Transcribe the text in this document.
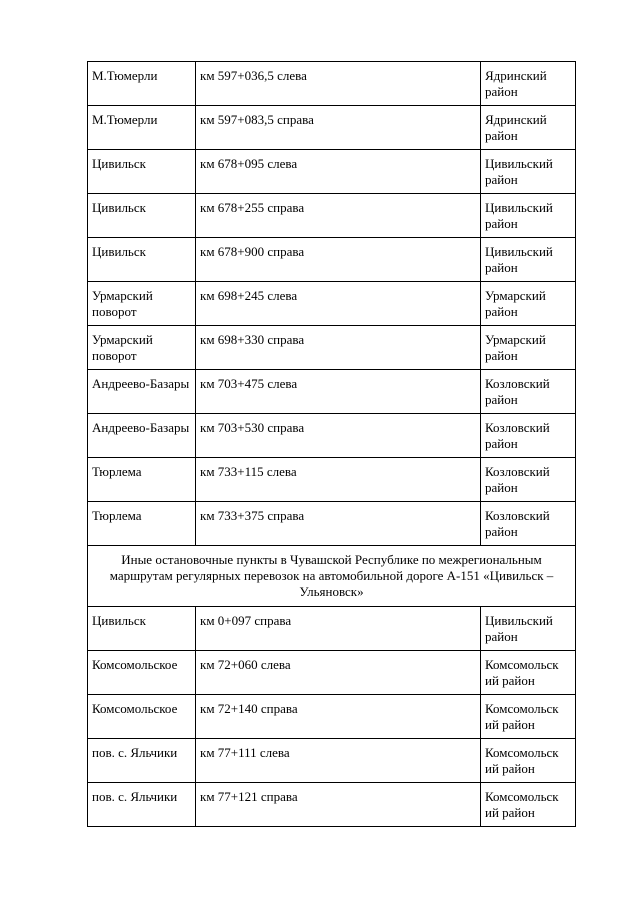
М.Тюмерли	км 597+036,5 слева	Ядринский район
М.Тюмерли	км 597+083,5 справа	Ядринский район
Цивильск	км 678+095 слева	Цивильский район
Цивильск	км 678+255 справа	Цивильский район
Цивильск	км 678+900 справа	Цивильский район
Урмарский поворот	км 698+245 слева	Урмарский район
Урмарский поворот	км 698+330 справа	Урмарский район
Андреево-Базары	км 703+475 слева	Козловский район
Андреево-Базары	км 703+530 справа	Козловский район
Тюрлема	км 733+115 слева	Козловский район
Тюрлема	км 733+375 справа	Козловский район
Иные остановочные пункты в Чувашской Республике по межрегиональным маршрутам регулярных перевозок на автомобильной дороге А-151 «Цивильск – Ульяновск»		
Цивильск	км 0+097 справа	Цивильский район
Комсомольское	км 72+060 слева	Комсомольск ий район
Комсомольское	км 72+140 справа	Комсомольск ий район
пов. с. Яльчики	км 77+111 слева	Комсомольск ий район
пов. с. Яльчики	км 77+121 справа	Комсомольск ий район
